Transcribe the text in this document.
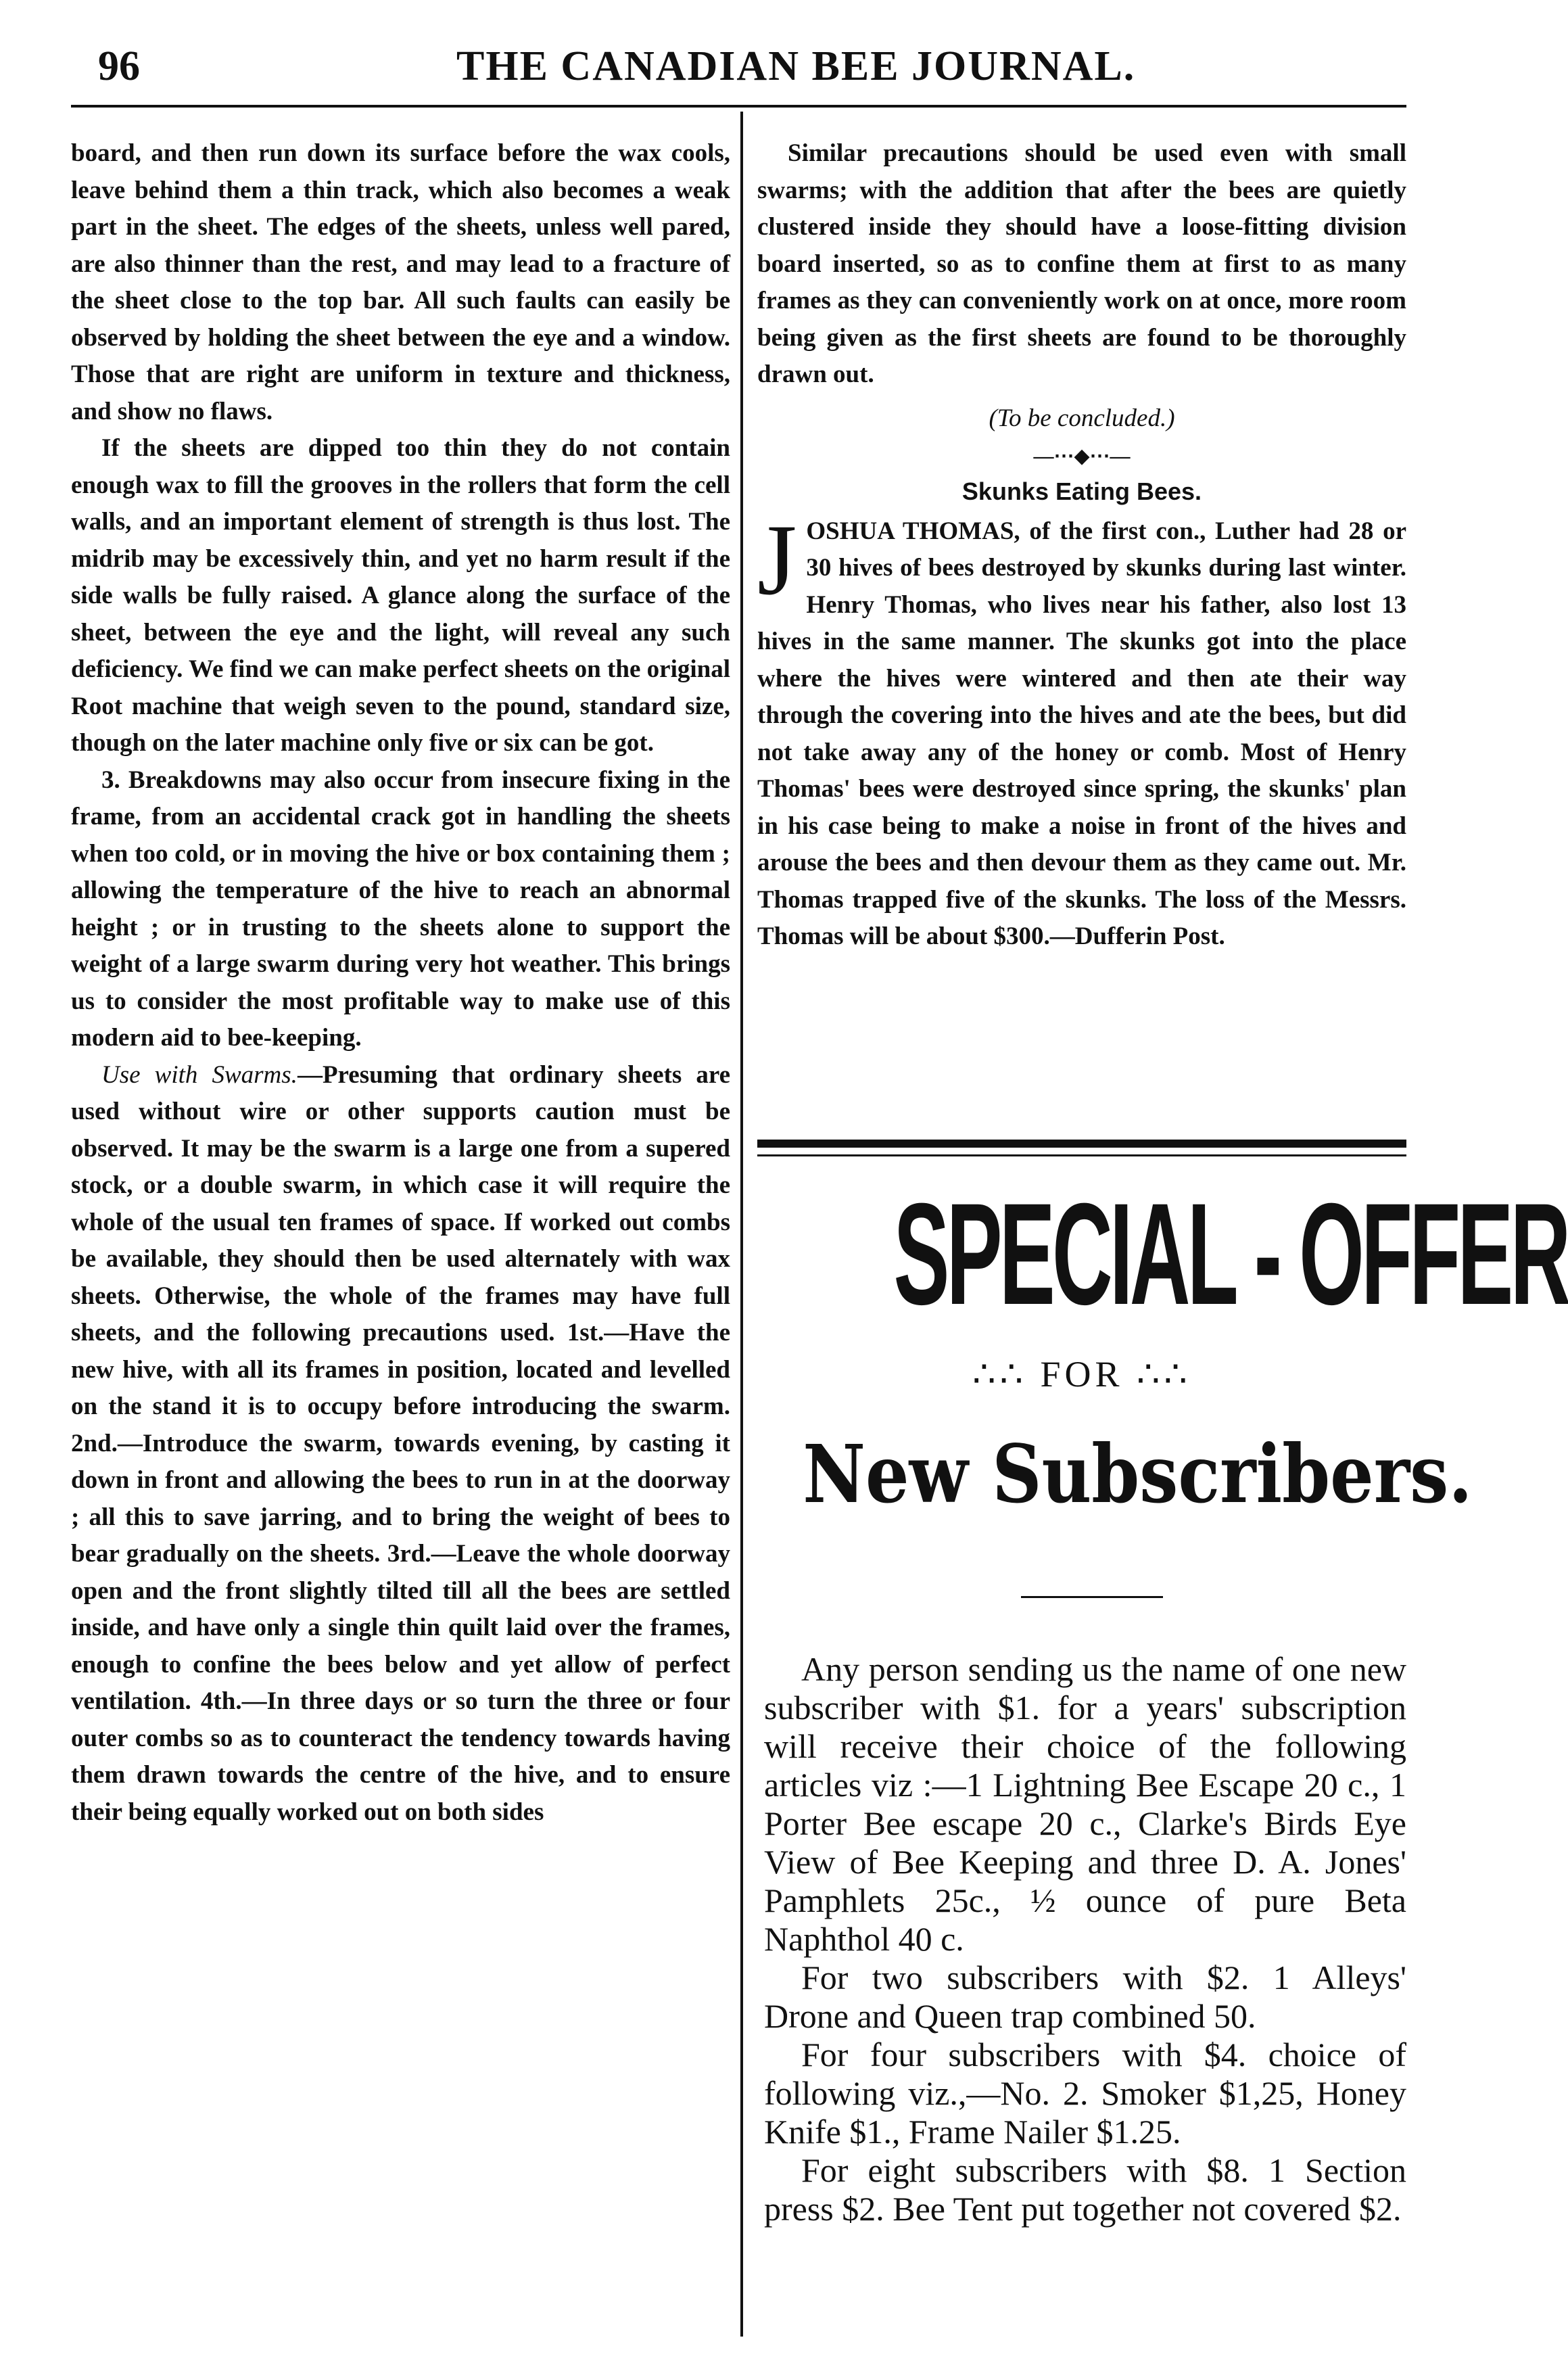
96	THE CANADIAN BEE JOURNAL.

board, and then run down its surface before the wax cools, leave behind them a thin track, which also becomes a weak part in the sheet. The edges of the sheets, unless well pared, are also thinner than the rest, and may lead to a fracture of the sheet close to the top bar. All such faults can easily be observed by holding the sheet between the eye and a window. Those that are right are uniform in texture and thickness, and show no flaws.

If the sheets are dipped too thin they do not contain enough wax to fill the grooves in the rollers that form the cell walls, and an important element of strength is thus lost. The midrib may be excessively thin, and yet no harm result if the side walls be fully raised. A glance along the surface of the sheet, between the eye and the light, will reveal any such deficiency. We find we can make perfect sheets on the original Root machine that weigh seven to the pound, standard size, though on the later machine only five or six can be got.

3. Breakdowns may also occur from insecure fixing in the frame, from an accidental crack got in handling the sheets when too cold, or in moving the hive or box containing them ; allowing the temperature of the hive to reach an abnormal height ; or in trusting to the sheets alone to support the weight of a large swarm during very hot weather. This brings us to consider the most profitable way to make use of this modern aid to bee-keeping.

Use with Swarms.—Presuming that ordinary sheets are used without wire or other supports caution must be observed. It may be the swarm is a large one from a supered stock, or a double swarm, in which case it will require the whole of the usual ten frames of space. If worked out combs be available, they should then be used alternately with wax sheets. Otherwise, the whole of the frames may have full sheets, and the following precautions used. 1st.—Have the new hive, with all its frames in position, located and levelled on the stand it is to occupy before introducing the swarm. 2nd.—Introduce the swarm, towards evening, by casting it down in front and allowing the bees to run in at the doorway ; all this to save jarring, and to bring the weight of bees to bear gradually on the sheets. 3rd.—Leave the whole doorway open and the front slightly tilted till all the bees are settled inside, and have only a single thin quilt laid over the frames, enough to confine the bees below and yet allow of perfect ventilation. 4th.—In three days or so turn the three or four outer combs so as to counteract the tendency towards having them drawn towards the centre of the hive, and to ensure their being equally worked out on both sides

Similar precautions should be used even with small swarms; with the addition that after the bees are quietly clustered inside they should have a loose-fitting division board inserted, so as to confine them at first to as many frames as they can conveniently work on at once, more room being given as the first sheets are found to be thoroughly drawn out.

(To be concluded.)
—⋯◆⋯—
Skunks Eating Bees.

JOSHUA THOMAS, of the first con., Luther had 28 or 30 hives of bees destroyed by skunks during last winter. Henry Thomas, who lives near his father, also lost 13 hives in the same manner. The skunks got into the place where the hives were wintered and then ate their way through the covering into the hives and ate the bees, but did not take away any of the honey or comb. Most of Henry Thomas' bees were destroyed since spring, the skunks' plan in his case being to make a noise in front of the hives and arouse the bees and then devour them as they came out. Mr. Thomas trapped five of the skunks. The loss of the Messrs. Thomas will be about $300.—Dufferin Post.

SPECIAL - OFFER
∴∴ FOR ∴∴
New Subscribers.

Any person sending us the name of one new subscriber with $1. for a years' subscription will receive their choice of the following articles viz :—1 Lightning Bee Escape 20 c., 1 Porter Bee escape 20 c., Clarke's Birds Eye View of Bee Keeping and three D. A. Jones' Pamphlets 25c., ½ ounce of pure Beta Naphthol 40 c.

For two subscribers with $2. 1 Alleys' Drone and Queen trap combined 50.

For four subscribers with $4. choice of following viz.,—No. 2. Smoker $1,25, Honey Knife $1., Frame Nailer $1.25.

For eight subscribers with $8. 1 Section press $2. Bee Tent put together not covered $2.
